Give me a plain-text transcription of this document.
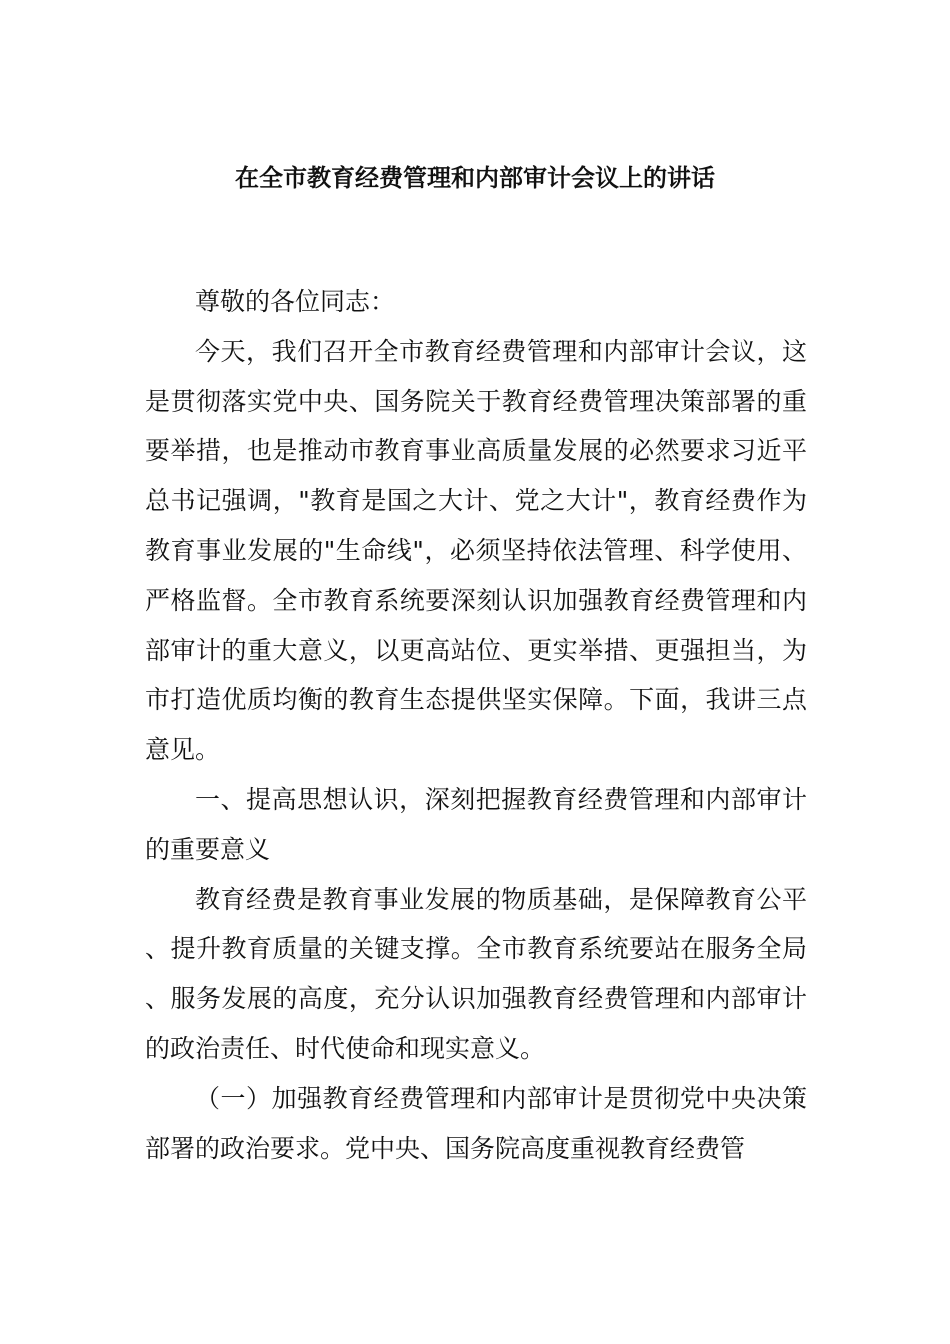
在全市教育经费管理和内部审计会议上的讲话

尊敬的各位同志：

今天，我们召开全市教育经费管理和内部审计会议，这是贯彻落实党中央、国务院关于教育经费管理决策部署的重要举措，也是推动市教育事业高质量发展的必然要求习近平总书记强调，"教育是国之大计、党之大计"，教育经费作为教育事业发展的"生命线"，必须坚持依法管理、科学使用、严格监督。全市教育系统要深刻认识加强教育经费管理和内部审计的重大意义，以更高站位、更实举措、更强担当，为市打造优质均衡的教育生态提供坚实保障。下面，我讲三点意见。

一、提高思想认识，深刻把握教育经费管理和内部审计的重要意义

教育经费是教育事业发展的物质基础，是保障教育公平、提升教育质量的关键支撑。全市教育系统要站在服务全局、服务发展的高度，充分认识加强教育经费管理和内部审计的政治责任、时代使命和现实意义。

（一）加强教育经费管理和内部审计是贯彻党中央决策部署的政治要求。党中央、国务院高度重视教育经费管
